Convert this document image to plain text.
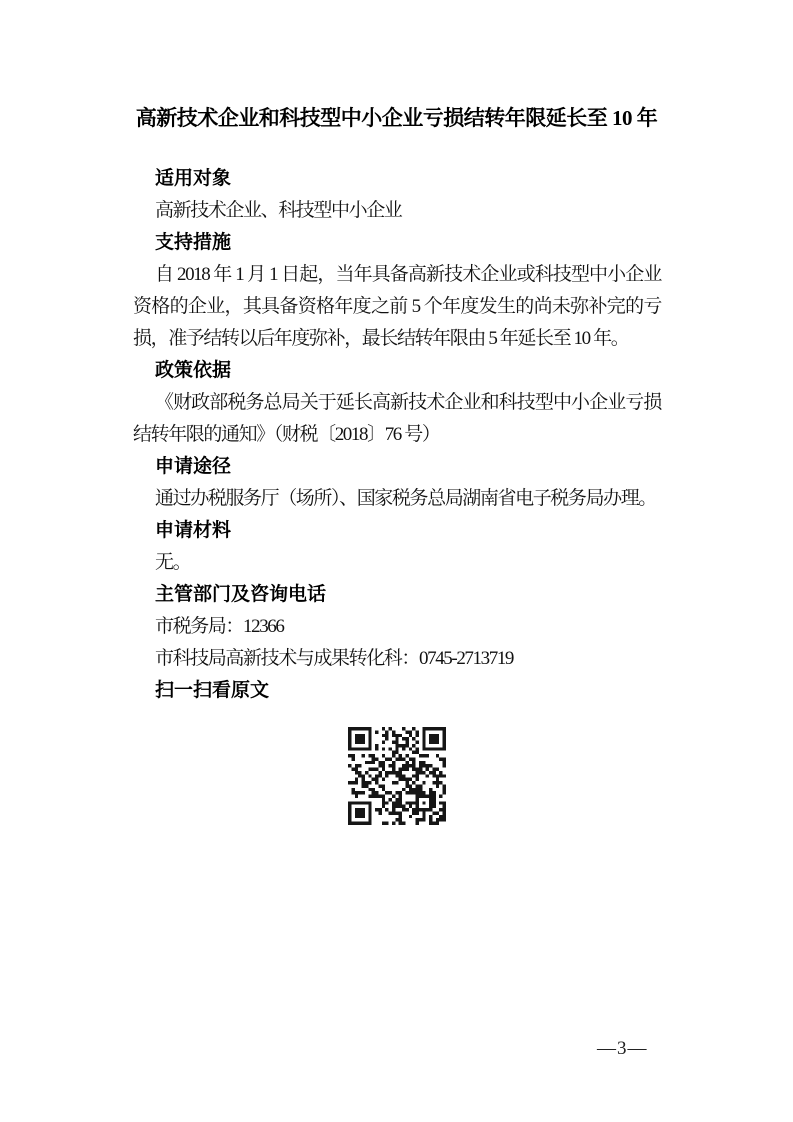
高新技术企业和科技型中小企业亏损结转年限延长至 10 年
适用对象

高新技术企业、科技型中小企业

支持措施

自 2018 年 1 月 1 日起，当年具备高新技术企业或科技型中小企业资格的企业，其具备资格年度之前 5 个年度发生的尚未弥补完的亏损，准予结转以后年度弥补，最长结转年限由 5 年延长至 10 年。

政策依据

《财政部税务总局关于延长高新技术企业和科技型中小企业亏损结转年限的通知》（财税〔2018〕76 号）

申请途径

通过办税服务厅（场所）、国家税务总局湖南省电子税务局办理。

申请材料

无。

主管部门及咨询电话

市税务局：12366

市科技局高新技术与成果转化科：0745-2713719

扫一扫看原文
—3—
